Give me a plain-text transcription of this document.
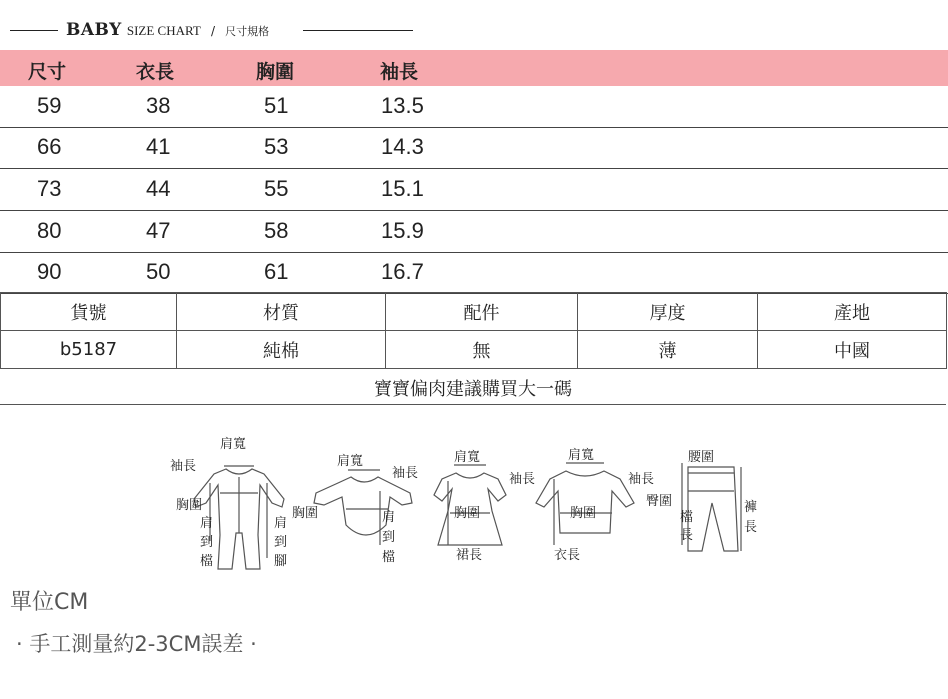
BABY SIZE CHART / 尺寸規格
尺寸	衣長	胸圍	袖長
59	38	51	13.5
66	41	53	14.3
73	44	55	15.1
80	47	58	15.9
90	50	61	16.7
貨號	材質	配件	厚度	產地
b5187	純棉	無	薄	中國
寶寶偏肉建議購買大一碼
肩寬
袖長
胸圍
肩
到
檔
肩
到
腳
肩寬
袖長
胸圍	肩
到
檔
肩寬
袖長
胸圍
裙長
肩寬
袖長
胸圍
衣長
腰圍
臀圍
檔
長
褲
長
單位CM
· 手工測量約2-3CM誤差 ·
